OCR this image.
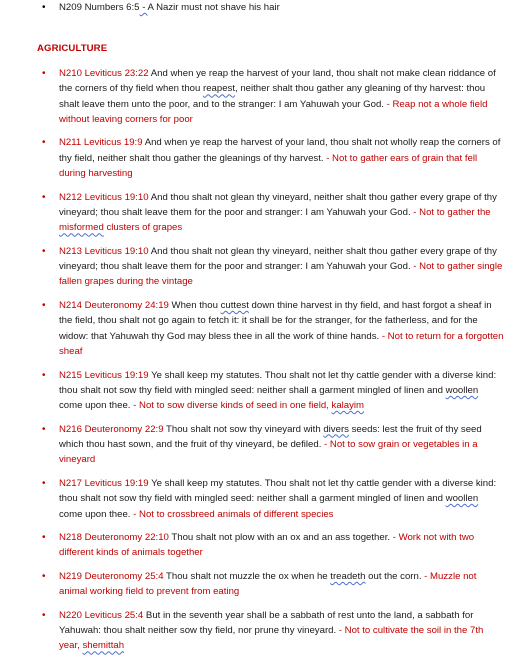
•	N209 Numbers 6:5 - A Nazir must not shave his hair
AGRICULTURE
•	N210 Leviticus 23:22 And when ye reap the harvest of your land, thou shalt not make clean riddance of the corners of thy field when thou reapest, neither shalt thou gather any gleaning of thy harvest: thou shalt leave them unto the poor, and to the stranger: I am Yahuwah your God. - Reap not a whole field without leaving corners for poor
•	N211 Leviticus 19:9 And when ye reap the harvest of your land, thou shalt not wholly reap the corners of thy field, neither shalt thou gather the gleanings of thy harvest. - Not to gather ears of grain that fell during harvesting
•	N212 Leviticus 19:10 And thou shalt not glean thy vineyard, neither shalt thou gather every grape of thy vineyard; thou shalt leave them for the poor and stranger: I am Yahuwah your God. - Not to gather the misformed clusters of grapes
•	N213 Leviticus 19:10 And thou shalt not glean thy vineyard, neither shalt thou gather every grape of thy vineyard; thou shalt leave them for the poor and stranger: I am Yahuwah your God. - Not to gather single fallen grapes during the vintage
•	N214 Deuteronomy 24:19 When thou cuttest down thine harvest in thy field, and hast forgot a sheaf in the field, thou shalt not go again to fetch it: it shall be for the stranger, for the fatherless, and for the widow: that Yahuwah thy God may bless thee in all the work of thine hands. - Not to return for a forgotten sheaf
•	N215 Leviticus 19:19 Ye shall keep my statutes. Thou shalt not let thy cattle gender with a diverse kind: thou shalt not sow thy field with mingled seed: neither shall a garment mingled of linen and woollen come upon thee. - Not to sow diverse kinds of seed in one field, kalayim
•	N216 Deuteronomy 22:9 Thou shalt not sow thy vineyard with divers seeds: lest the fruit of thy seed which thou hast sown, and the fruit of thy vineyard, be defiled. - Not to sow grain or vegetables in a vineyard
•	N217 Leviticus 19:19 Ye shall keep my statutes. Thou shalt not let thy cattle gender with a diverse kind: thou shalt not sow thy field with mingled seed: neither shall a garment mingled of linen and woollen come upon thee. - Not to crossbreed animals of different species
•	N218 Deuteronomy 22:10 Thou shalt not plow with an ox and an ass together. - Work not with two different kinds of animals together
•	N219 Deuteronomy 25:4 Thou shalt not muzzle the ox when he treadeth out the corn. - Muzzle not animal working field to prevent from eating
•	N220 Leviticus 25:4 But in the seventh year shall be a sabbath of rest unto the land, a sabbath for Yahuwah: thou shalt neither sow thy field, nor prune thy vineyard. - Not to cultivate the soil in the 7th year, shemittah
